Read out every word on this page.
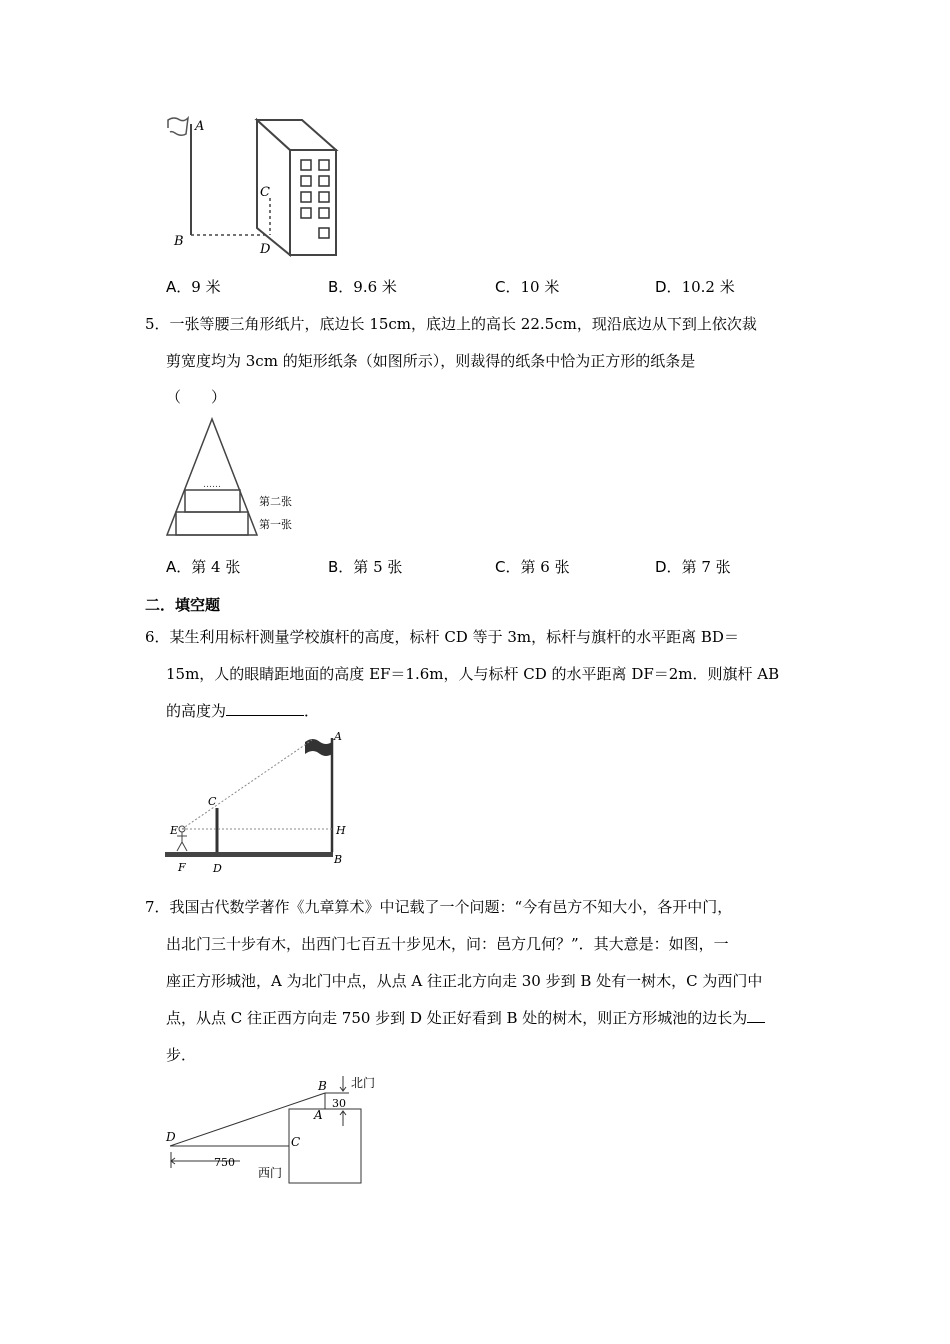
A
B
C
D
A．9 米	B．9.6 米	C．10 米	D．10.2 米
5．一张等腰三角形纸片，底边长 15cm，底边上的高长 22.5cm，现沿底边从下到上依次裁
剪宽度均为 3cm 的矩形纸条（如图所示），则裁得的纸条中恰为正方形的纸条是
（　　）
……
第二张
第一张
A．第 4 张	B．第 5 张	C．第 6 张	D．第 7 张
二．填空题
6．某生利用标杆测量学校旗杆的高度，标杆 CD 等于 3m，标杆与旗杆的水平距离 BD＝
15m，人的眼睛距地面的高度 EF＝1.6m，人与标杆 CD 的水平距离 DF＝2m．则旗杆 AB
的高度为	．
A
B
C
D
E
F
H
7．我国古代数学著作《九章算术》中记载了一个问题：“今有邑方不知大小，各开中门，
出北门三十步有木，出西门七百五十步见木，问：邑方几何？”．其大意是：如图，一
座正方形城池，A 为北门中点，从点 A 往正北方向走 30 步到 B 处有一树木，C 为西门中
点，从点 C 往正西方向走 750 步到 D 处正好看到 B 处的树木，则正方形城池的边长为
步．
B
A
C
D
北门
西门
30
750
